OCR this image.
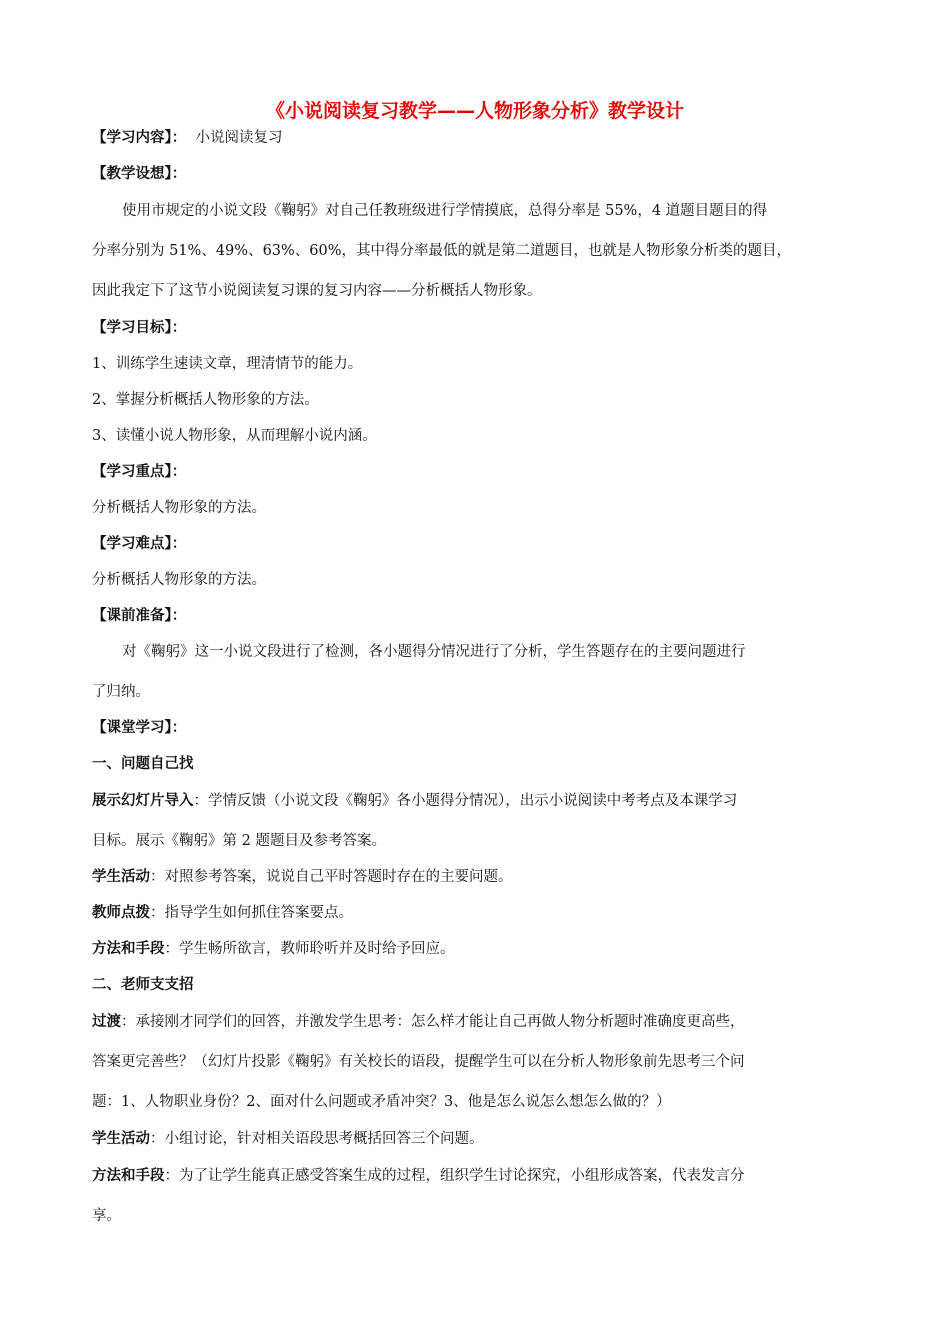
《小说阅读复习教学——人物形象分析》教学设计
【学习内容】： 小说阅读复习
【教学设想】：
使用市规定的小说文段《鞠躬》对自己任教班级进行学情摸底，总得分率是 55%，4 道题目题目的得
分率分别为 51%、49%、63%、60%，其中得分率最低的就是第二道题目，也就是人物形象分析类的题目，
因此我定下了这节小说阅读复习课的复习内容——分析概括人物形象。
【学习目标】：
1、训练学生速读文章，理清情节的能力。
2、掌握分析概括人物形象的方法。
3、读懂小说人物形象，从而理解小说内涵。
【学习重点】：
分析概括人物形象的方法。
【学习难点】：
分析概括人物形象的方法。
【课前准备】：
对《鞠躬》这一小说文段进行了检测，各小题得分情况进行了分析，学生答题存在的主要问题进行
了归纳。
【课堂学习】：
一、问题自己找
展示幻灯片导入：学情反馈（小说文段《鞠躬》各小题得分情况），出示小说阅读中考考点及本课学习
目标。展示《鞠躬》第 2 题题目及参考答案。
学生活动：对照参考答案，说说自己平时答题时存在的主要问题。
教师点拨：指导学生如何抓住答案要点。
方法和手段：学生畅所欲言，教师聆听并及时给予回应。
二、老师支支招
过渡：承接刚才同学们的回答，并激发学生思考：怎么样才能让自己再做人物分析题时准确度更高些，
答案更完善些？（幻灯片投影《鞠躬》有关校长的语段，提醒学生可以在分析人物形象前先思考三个问
题：1、人物职业身份？2、面对什么问题或矛盾冲突？3、他是怎么说怎么想怎么做的？）
学生活动：小组讨论，针对相关语段思考概括回答三个问题。
方法和手段：为了让学生能真正感受答案生成的过程，组织学生讨论探究，小组形成答案，代表发言分
享。
